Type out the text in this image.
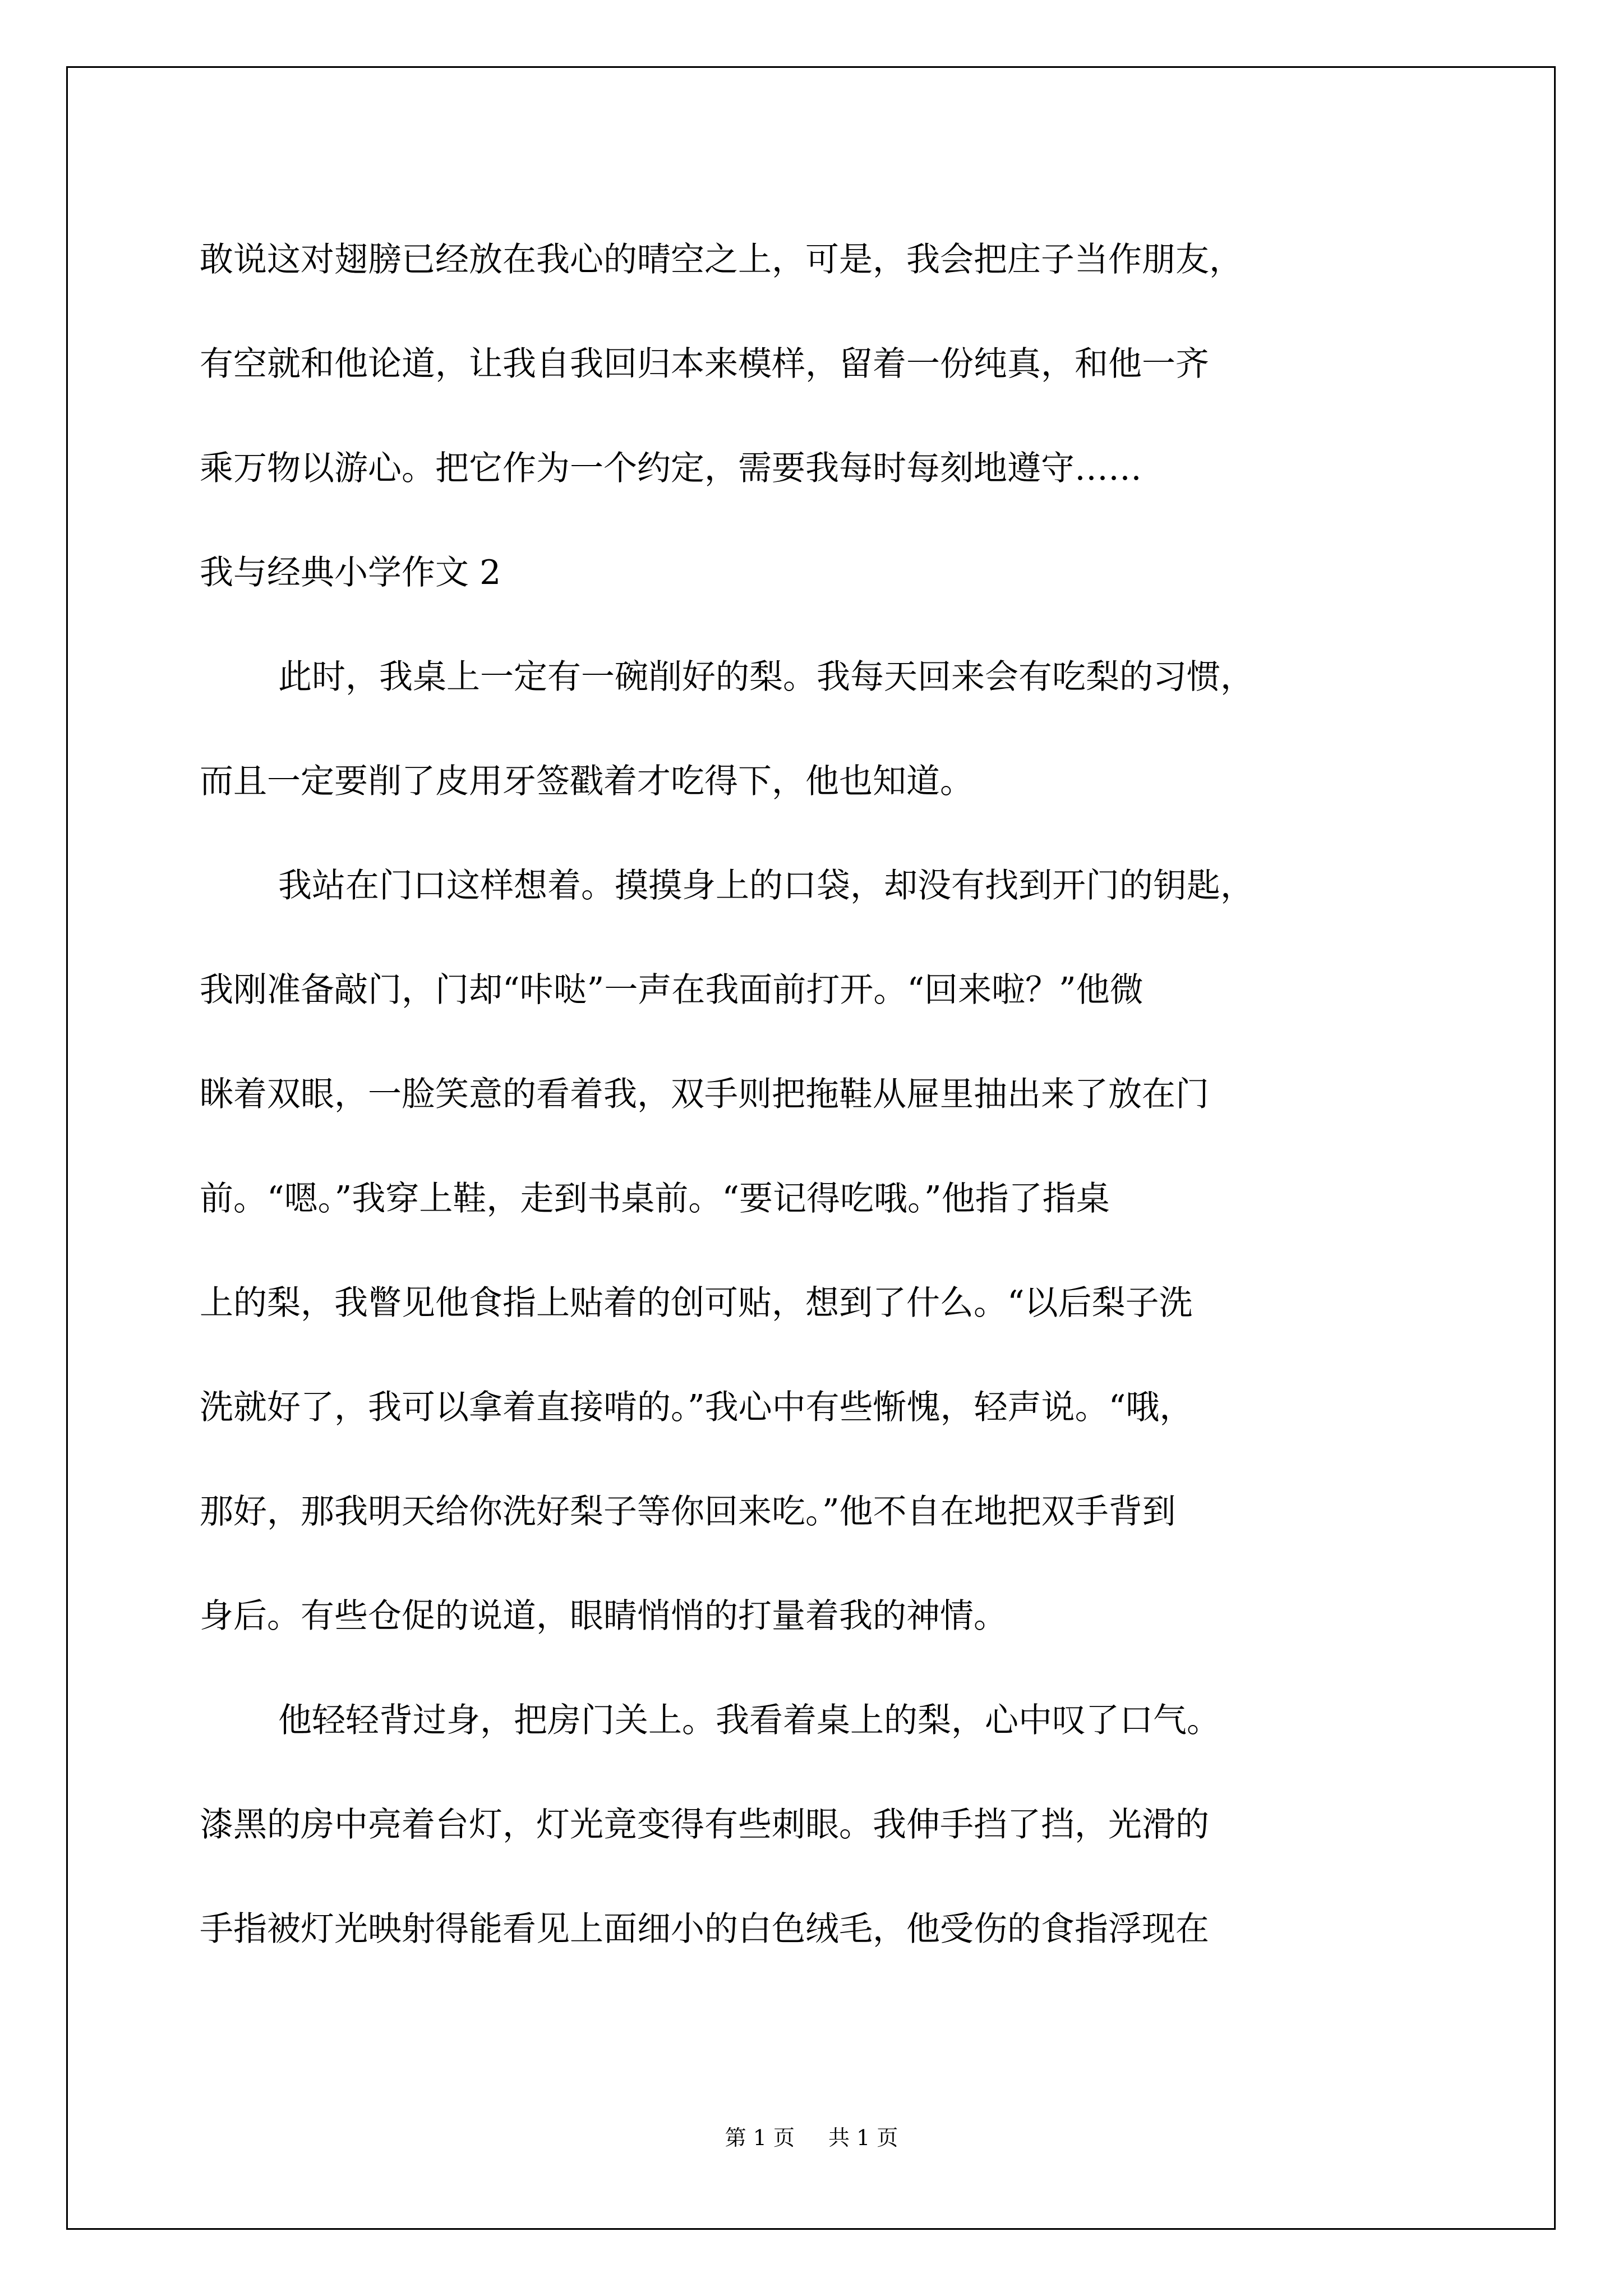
敢说这对翅膀已经放在我心的晴空之上，可是，我会把庄子当作朋友，
有空就和他论道，让我自我回归本来模样，留着一份纯真，和他一齐
乘万物以游心。把它作为一个约定，需要我每时每刻地遵守……
我与经典小学作文 2
此时，我桌上一定有一碗削好的梨。我每天回来会有吃梨的习惯，
而且一定要削了皮用牙签戳着才吃得下，他也知道。
我站在门口这样想着。摸摸身上的口袋，却没有找到开门的钥匙，
我刚准备敲门，门却“咔哒”一声在我面前打开。“回来啦？”他微
眯着双眼，一脸笑意的看着我，双手则把拖鞋从屉里抽出来了放在门
前。“嗯。”我穿上鞋，走到书桌前。“要记得吃哦。”他指了指桌
上的梨，我瞥见他食指上贴着的创可贴，想到了什么。“以后梨子洗
洗就好了，我可以拿着直接啃的。”我心中有些惭愧，轻声说。“哦，
那好，那我明天给你洗好梨子等你回来吃。”他不自在地把双手背到
身后。有些仓促的说道，眼睛悄悄的打量着我的神情。
他轻轻背过身，把房门关上。我看着桌上的梨，心中叹了口气。
漆黑的房中亮着台灯，灯光竟变得有些刺眼。我伸手挡了挡，光滑的
手指被灯光映射得能看见上面细小的白色绒毛，他受伤的食指浮现在
第 1 页 共 1 页
